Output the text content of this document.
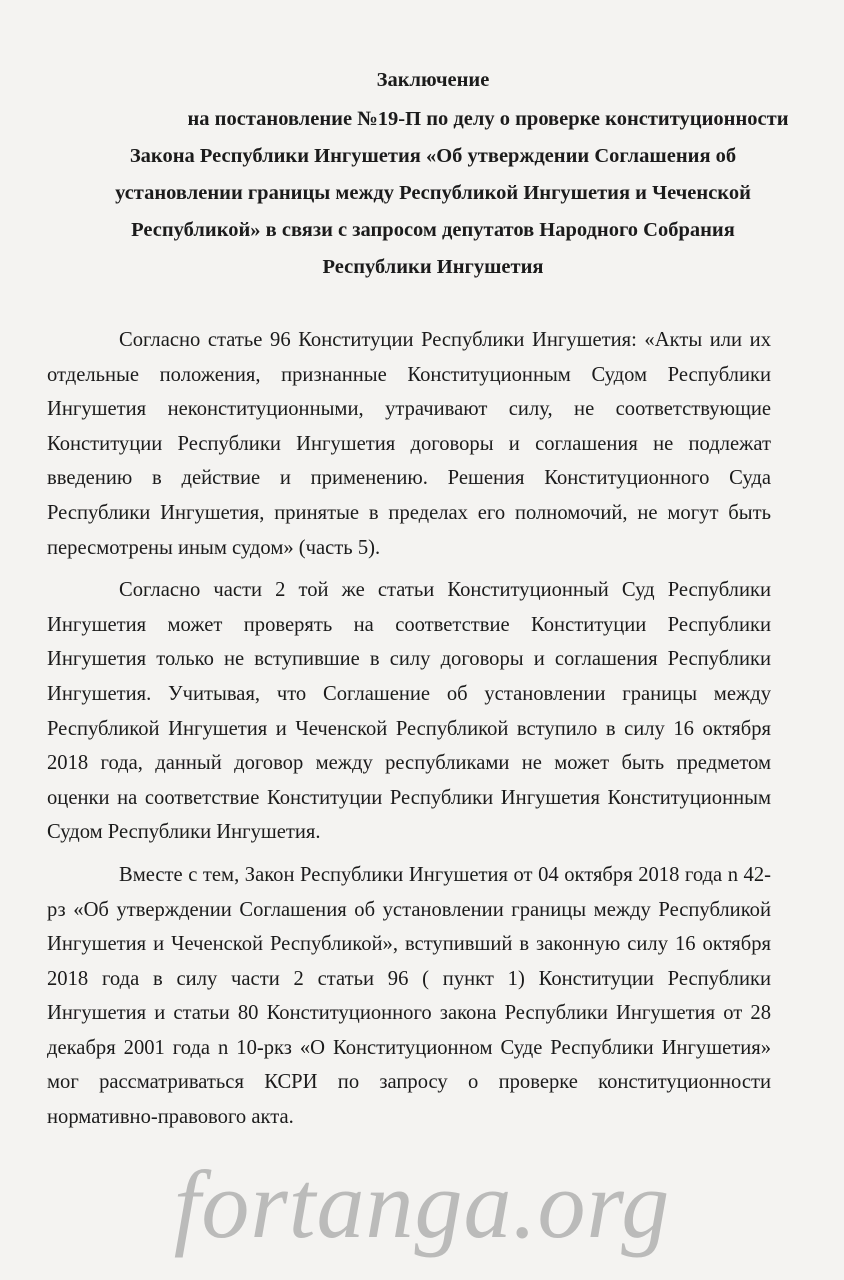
Заключение
на постановление №19-П по делу о проверке конституционности
Закона Республики Ингушетия «Об утверждении Соглашения об
установлении границы между Республикой Ингушетия и Чеченской
Республикой» в связи с запросом депутатов Народного Собрания
Республики Ингушетия

Согласно статье 96 Конституции Республики Ингушетия: «Акты или их отдельные положения, признанные Конституционным Судом Республики Ингушетия неконституционными, утрачивают силу, не соответствующие Конституции Республики Ингушетия договоры и соглашения не подлежат введению в действие и применению. Решения Конституционного Суда Республики Ингушетия, принятые в пределах его полномочий, не могут быть пересмотрены иным судом» (часть 5).

Согласно части 2 той же статьи Конституционный Суд Республики Ингушетия может проверять на соответствие Конституции Республики Ингушетия только не вступившие в силу договоры и соглашения Республики Ингушетия. Учитывая, что Соглашение об установлении границы между Республикой Ингушетия и Чеченской Республикой вступило в силу 16 октября 2018 года, данный договор между республиками не может быть предметом оценки на соответствие Конституции Республики Ингушетия Конституционным Судом Республики Ингушетия.

Вместе с тем, Закон Республики Ингушетия от 04 октября 2018 года n 42-рз «Об утверждении Соглашения об установлении границы между Республикой Ингушетия и Чеченской Республикой», вступивший в законную силу 16 октября 2018 года в силу части 2 статьи 96 ( пункт 1) Конституции Республики Ингушетия и статьи 80 Конституционного закона Республики Ингушетия от 28 декабря 2001 года n 10-ркз «О Конституционном Суде Республики Ингушетия» мог рассматриваться КСРИ по запросу о проверке конституционности нормативно-правового акта.

fortanga.org
